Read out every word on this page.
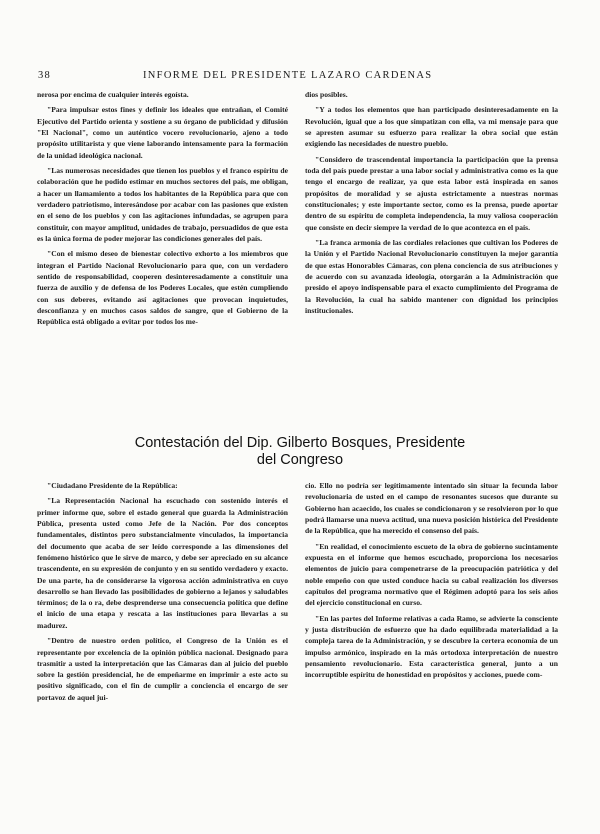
38	INFORME DEL PRESIDENTE LAZARO CARDENAS

nerosa por encima de cualquier interés egoísta.

"Para impulsar estos fines y definir los ideales que entrañan, el Comité Ejecutivo del Partido orienta y sostiene a su órgano de publicidad y difusión "El Nacional", como un auténtico vocero revolucionario, ajeno a todo propósito utilitarista y que viene laborando intensamente para la formación de la unidad ideológica nacional.

"Las numerosas necesidades que tienen los pueblos y el franco espíritu de colaboración que he podido estimar en muchos sectores del país, me obligan, a hacer un llamamiento a todos los habitantes de la República para que con verdadero patriotismo, interesándose por acabar con las pasiones que existen en el seno de los pueblos y con las agitaciones infundadas, se agrupen para constituir, con mayor amplitud, unidades de trabajo, persuadidos de que esta es la única forma de poder mejorar las condiciones generales del país.

"Con el mismo deseo de bienestar colectivo exhorto a los miembros que integran el Partido Nacional Revolucionario para que, con un verdadero sentido de responsabilidad, cooperen desinteresadamente a constituir una fuerza de auxilio y de defensa de los Poderes Locales, que estén cumpliendo con sus deberes, evitando así agitaciones que provocan inquietudes, desconfianza y en muchos casos saldos de sangre, que el Gobierno de la República está obligado a evitar por todos los me-

dios posibles.

"Y a todos los elementos que han participado desinteresadamente en la Revolución, igual que a los que simpatizan con ella, va mi mensaje para que se apresten asumar su esfuerzo para realizar la obra social que están exigiendo las necesidades de nuestro pueblo.

"Considero de trascendental importancia la participación que la prensa toda del país puede prestar a una labor social y administrativa como es la que tengo el encargo de realizar, ya que esta labor está inspirada en sanos propósitos de moralidad y se ajusta estrictamente a nuestras normas constitucionales; y este importante sector, como es la prensa, puede aportar dentro de su espíritu de completa independencia, la muy valiosa cooperación que consiste en decir siempre la verdad de lo que acontezca en el país.

"La franca armonía de las cordiales relaciones que cultivan los Poderes de la Unión y el Partido Nacional Revolucionario constituyen la mejor garantía de que estas Honorables Cámaras, con plena conciencia de sus atribuciones y de acuerdo con su avanzada ideología, otorgarán a la Administración que presido el apoyo indispensable para el exacto cumplimiento del Programa de la Revolución, la cual ha sabido mantener con dignidad los principios institucionales.

Contestación del Dip. Gilberto Bosques, Presidente
del Congreso

"Ciudadano Presidente de la República:

"La Representación Nacional ha escuchado con sostenido interés el primer informe que, sobre el estado general que guarda la Administración Pública, presenta usted como Jefe de la Nación. Por dos conceptos fundamentales, distintos pero substancialmente vinculados, la importancia del documento que acaba de ser leído corresponde a las dimensiones del fenómeno histórico que le sirve de marco, y debe ser apreciado en su alcance trascendente, en su expresión de conjunto y en su sentido verdadero y exacto. De una parte, ha de considerarse la vigorosa acción administrativa en cuyo desarrollo se han llevado las posibilidades de gobierno a lejanos y saludables términos; de la o ra, debe desprenderse una consecuencia política que define el inicio de una etapa y rescata a las instituciones para llevarlas a su madurez.

"Dentro de nuestro orden político, el Congreso de la Unión es el representante por excelencia de la opinión pública nacional. Designado para trasmitir a usted la interpretación que las Cámaras dan al juicio del pueblo sobre la gestión presidencial, he de empeñarme en imprimir a este acto su positivo significado, con el fin de cumplir a conciencia el encargo de ser portavoz de aquel jui-

cio. Ello no podría ser legítimamente intentado sin situar la fecunda labor revolucionaria de usted en el campo de resonantes sucesos que durante su Gobierno han acaecido, los cuales se condicionaron y se resolvieron por lo que podrá llamarse una nueva actitud, una nueva posición histórica del Presidente de la República, que ha merecido el consenso del país.

"En realidad, el conocimiento escueto de la obra de gobierno sucintamente expuesta en el informe que hemos escuchado, proporciona los necesarios elementos de juicio para compenetrarse de la preocupación patriótica y del noble empeño con que usted conduce hacia su cabal realización los diversos capítulos del programa normativo que el Régimen adoptó para los seis años del ejercicio constitucional en curso.

"En las partes del Informe relativas a cada Ramo, se advierte la consciente y justa distribución de esfuerzo que ha dado equilibrada materialidad a la compleja tarea de la Administración, y se descubre la certera economía de un impulso armónico, inspirado en la más ortodoxa interpretación de nuestro pensamiento revolucionario. Esta característica general, junto a un incorruptible espíritu de honestidad en propósitos y acciones, puede com-
